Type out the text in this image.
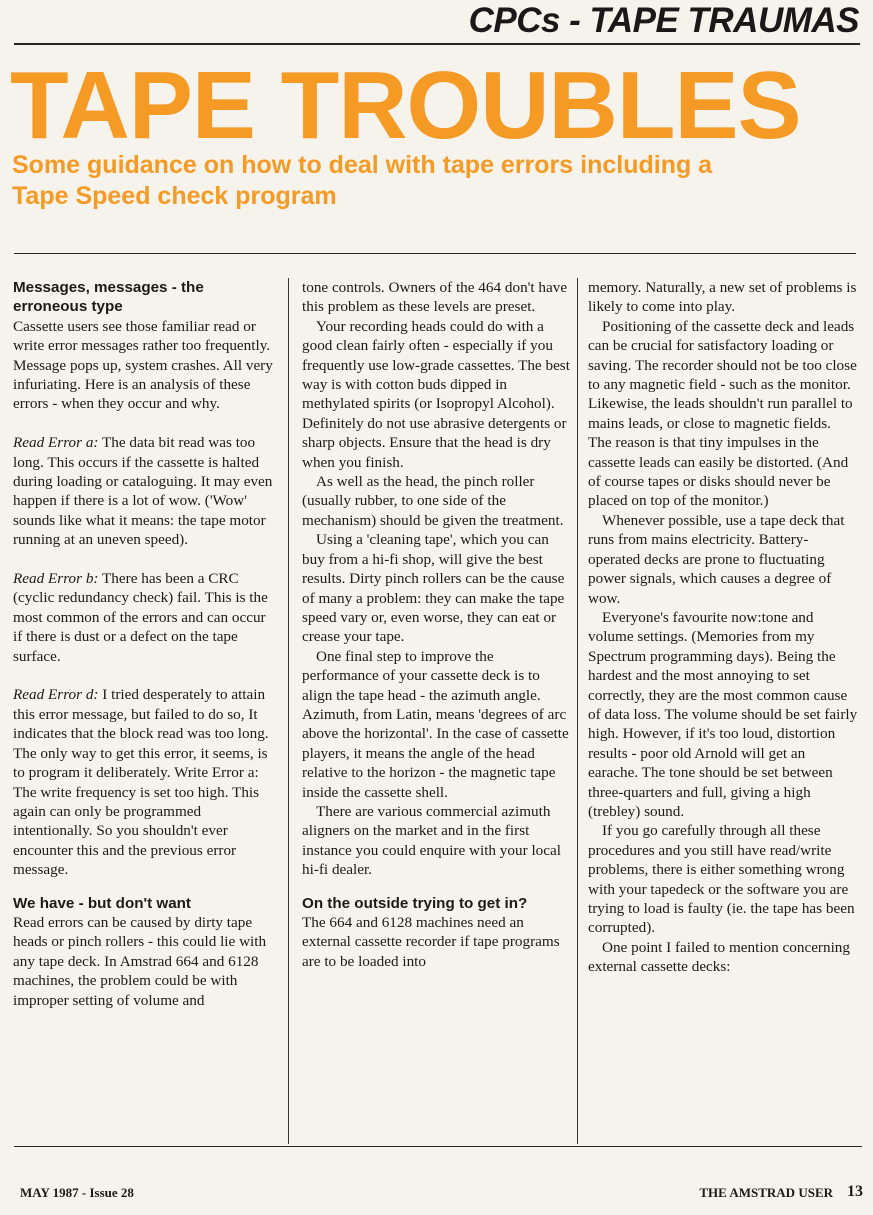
CPCs - TAPE TRAUMAS
TAPE TROUBLES
Some guidance on how to deal with tape errors including a Tape Speed check program
Messages, messages - the erroneous type

Cassette users see those familiar read or write error messages rather too frequently. Message pops up, system crashes. All very infuriating. Here is an analysis of these errors - when they occur and why.

Read Error a: The data bit read was too long. This occurs if the cassette is halted during loading or cataloguing. It may even happen if there is a lot of wow. ('Wow' sounds like what it means: the tape motor running at an uneven speed).

Read Error b: There has been a CRC (cyclic redundancy check) fail. This is the most common of the errors and can occur if there is dust or a defect on the tape surface.

Read Error d: I tried desperately to attain this error message, but failed to do so, It indicates that the block read was too long. The only way to get this error, it seems, is to program it deliberately. Write Error a: The write frequency is set too high. This again can only be programmed intentionally. So you shouldn't ever encounter this and the previous error message.

We have - but don't want

Read errors can be caused by dirty tape heads or pinch rollers - this could lie with any tape deck. In Amstrad 664 and 6128 machines, the problem could be with improper setting of volume and

tone controls. Owners of the 464 don't have this problem as these levels are preset.

Your recording heads could do with a good clean fairly often - especially if you frequently use low-grade cassettes. The best way is with cotton buds dipped in methylated spirits (or Isopropyl Alcohol). Definitely do not use abrasive detergents or sharp objects. Ensure that the head is dry when you finish.

As well as the head, the pinch roller (usually rubber, to one side of the mechanism) should be given the treatment.

Using a 'cleaning tape', which you can buy from a hi-fi shop, will give the best results. Dirty pinch rollers can be the cause of many a problem: they can make the tape speed vary or, even worse, they can eat or crease your tape.

One final step to improve the performance of your cassette deck is to align the tape head - the azimuth angle. Azimuth, from Latin, means 'degrees of arc above the horizontal'. In the case of cassette players, it means the angle of the head relative to the horizon - the magnetic tape inside the cassette shell.

There are various commercial azimuth aligners on the market and in the first instance you could enquire with your local hi-fi dealer.

On the outside trying to get in?

The 664 and 6128 machines need an external cassette recorder if tape programs are to be loaded into

memory. Naturally, a new set of problems is likely to come into play.

Positioning of the cassette deck and leads can be crucial for satisfactory loading or saving. The recorder should not be too close to any magnetic field - such as the monitor. Likewise, the leads shouldn't run parallel to mains leads, or close to magnetic fields. The reason is that tiny impulses in the cassette leads can easily be distorted. (And of course tapes or disks should never be placed on top of the monitor.)

Whenever possible, use a tape deck that runs from mains electricity. Battery-operated decks are prone to fluctuating power signals, which causes a degree of wow.

Everyone's favourite now:tone and volume settings. (Memories from my Spectrum programming days). Being the hardest and the most annoying to set correctly, they are the most common cause of data loss. The volume should be set fairly high. However, if it's too loud, distortion results - poor old Arnold will get an earache. The tone should be set between three-quarters and full, giving a high (trebley) sound.

If you go carefully through all these procedures and you still have read/write problems, there is either something wrong with your tapedeck or the software you are trying to load is faulty (ie. the tape has been corrupted).

One point I failed to mention concerning external cassette decks:

MAY 1987 - Issue 28	THE AMSTRAD USER 13
